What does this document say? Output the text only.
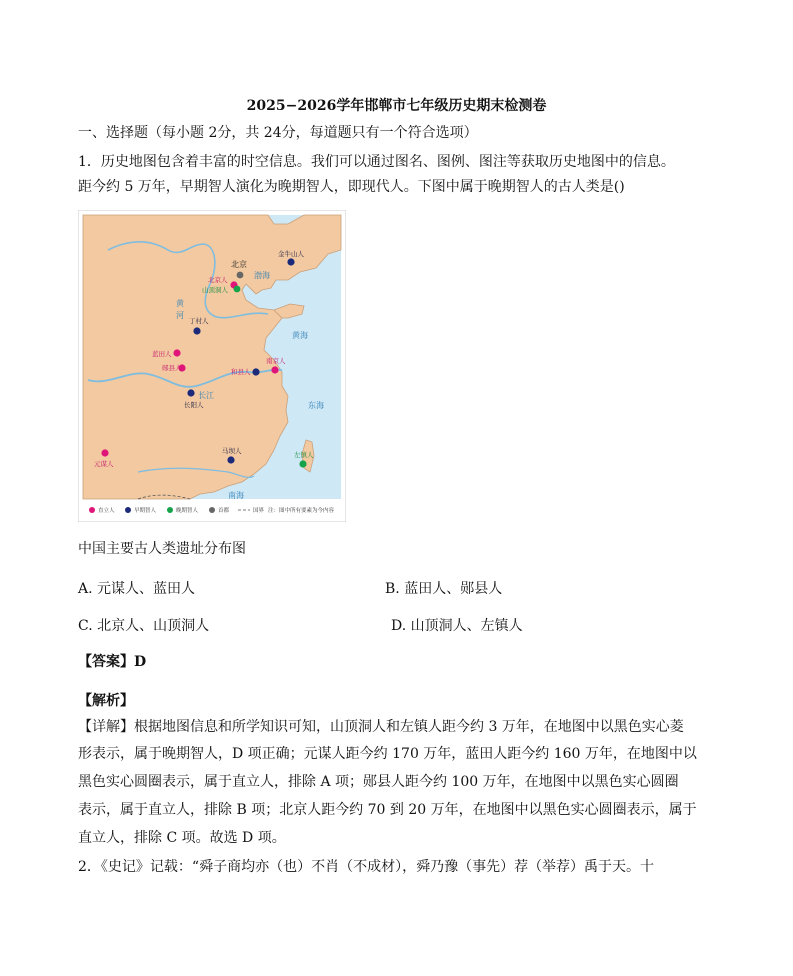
2025−2026学年邯郸市七年级历史期末检测卷
一、选择题（每小题 2分，共 24分，每道题只有一个符合选项）
1．历史地图包含着丰富的时空信息。我们可以通过图名、图例、图注等获取历史地图中的信息。
距今约 5 万年，早期智人演化为晚期智人，即现代人。下图中属于晚期智人的古人类是()
渤海
黄海
东海
南海
黄
河
长江
北京
金牛山人
北京人
山顶洞人
丁村人
蓝田人
郧县人
长阳人
和县人
南京人
马坝人
元谋人
左镇人
直立人	早期智人	晚期智人	首都	国界 注：图中所有要素为今内容
中国主要古人类遗址分布图
A. 元谋人、蓝田人	B. 蓝田人、郧县人
C. 北京人、山顶洞人	D. 山顶洞人、左镇人
【答案】D
【解析】
【详解】根据地图信息和所学知识可知，山顶洞人和左镇人距今约 3 万年，在地图中以黑色实心菱
形表示，属于晚期智人，D 项正确；元谋人距今约 170 万年，蓝田人距今约 160 万年，在地图中以
黑色实心圆圈表示，属于直立人，排除 A 项；郧县人距今约 100 万年，在地图中以黑色实心圆圈
表示，属于直立人，排除 B 项；北京人距今约 70 到 20 万年，在地图中以黑色实心圆圈表示，属于
直立人，排除 C 项。故选 D 项。
2．《史记》记载：“舜子商均亦（也）不肖（不成材），舜乃豫（事先）荐（举荐）禹于天。十
